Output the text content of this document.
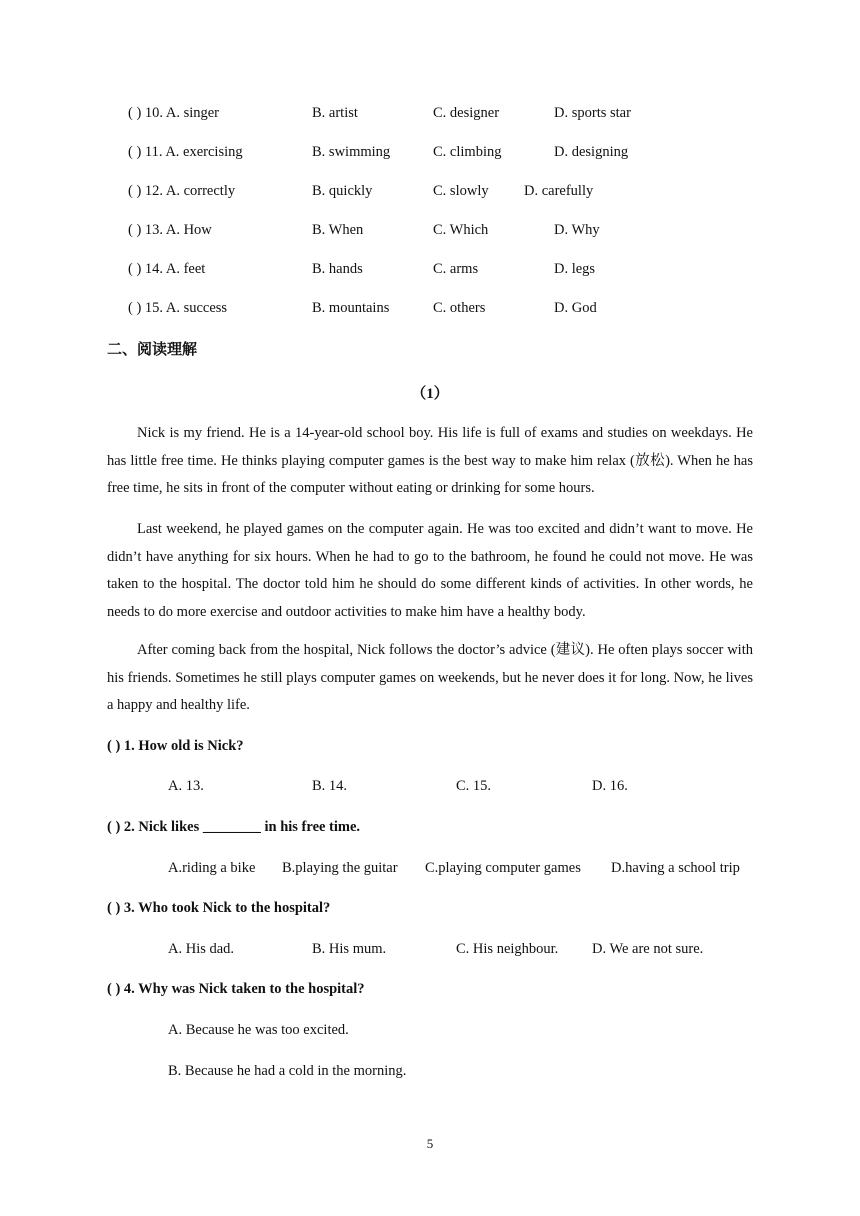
( ) 10. A. singer	B. artist	C. designer	D. sports star
( ) 11. A. exercising	B. swimming	C. climbing	D. designing
( ) 12. A. correctly	B. quickly	C. slowly D. carefully
( ) 13. A. How	B. When	C. Which	D. Why
( ) 14. A. feet	B. hands	C. arms	D. legs
( ) 15. A. success	B. mountains	C. others	D. God
二、阅读理解
（1）
Nick is my friend. He is a 14-year-old school boy. His life is full of exams and studies on weekdays. He has little free time. He thinks playing computer games is the best way to make him relax (放松). When he has free time, he sits in front of the computer without eating or drinking for some hours.
Last weekend, he played games on the computer again. He was too excited and didn’t want to move. He didn’t have anything for six hours. When he had to go to the bathroom, he found he could not move. He was taken to the hospital. The doctor told him he should do some different kinds of activities. In other words, he needs to do more exercise and outdoor activities to make him have a healthy body.
After coming back from the hospital, Nick follows the doctor’s advice (建议). He often plays soccer with his friends. Sometimes he still plays computer games on weekends, but he never does it for long. Now, he lives a happy and healthy life.
( ) 1. How old is Nick?
A. 13.	B. 14.	C. 15.	D. 16.
( ) 2. Nick likes ________ in his free time.
A.riding a bike B.playing the guitar C.playing computer games D.having a school trip
( ) 3. Who took Nick to the hospital?
A. His dad.	B. His mum.	C. His neighbour. D. We are not sure.
( ) 4. Why was Nick taken to the hospital?
A. Because he was too excited.
B. Because he had a cold in the morning.
5
